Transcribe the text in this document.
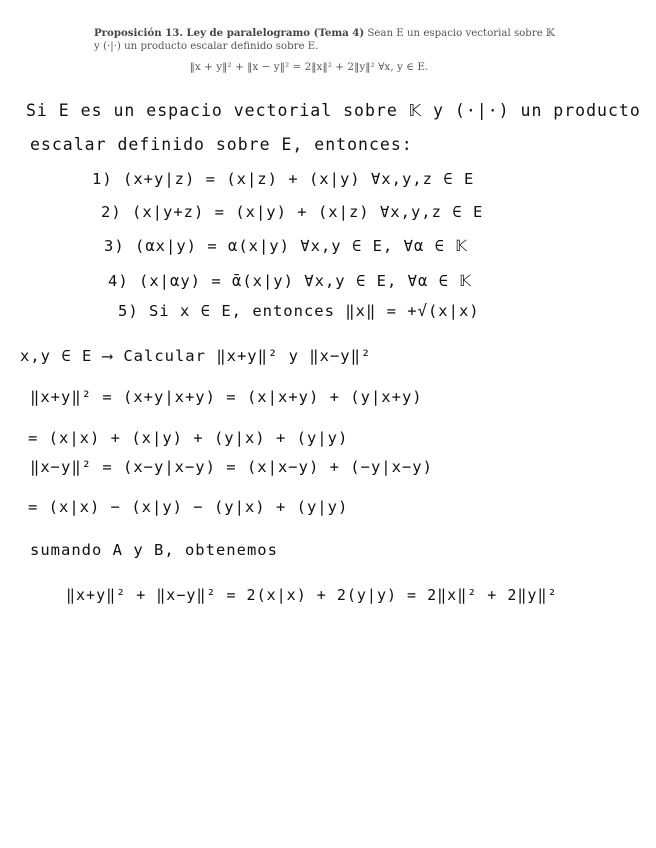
Proposición 13. Ley de paralelogramo (Tema 4) Sean E un espacio vectorial sobre 𝕂
y (·|·) un producto escalar definido sobre E.
‖x + y‖² + ‖x − y‖² = 2‖x‖² + 2‖y‖² ∀x, y ∈ E.
Si E es un espacio vectorial sobre 𝕂 y (·|·) un producto
escalar definido sobre E, entonces:
1) (x+y|z) = (x|z) + (x|y) ∀x,y,z ∈ E
2) (x|y+z) = (x|y) + (x|z) ∀x,y,z ∈ E
3) (αx|y) = α(x|y) ∀x,y ∈ E, ∀α ∈ 𝕂
4) (x|αy) = ᾱ(x|y) ∀x,y ∈ E, ∀α ∈ 𝕂
5) Si x ∈ E, entonces ‖x‖ = +√(x|x)
x,y ∈ E ⟶ Calcular ‖x+y‖² y ‖x−y‖²
‖x+y‖² = (x+y|x+y) = (x|x+y) + (y|x+y)
= (x|x) + (x|y) + (y|x) + (y|y)
‖x−y‖² = (x−y|x−y) = (x|x−y) + (−y|x−y)
= (x|x) − (x|y) − (y|x) + (y|y)
sumando A y B, obtenemos
‖x+y‖² + ‖x−y‖² = 2(x|x) + 2(y|y) = 2‖x‖² + 2‖y‖²
